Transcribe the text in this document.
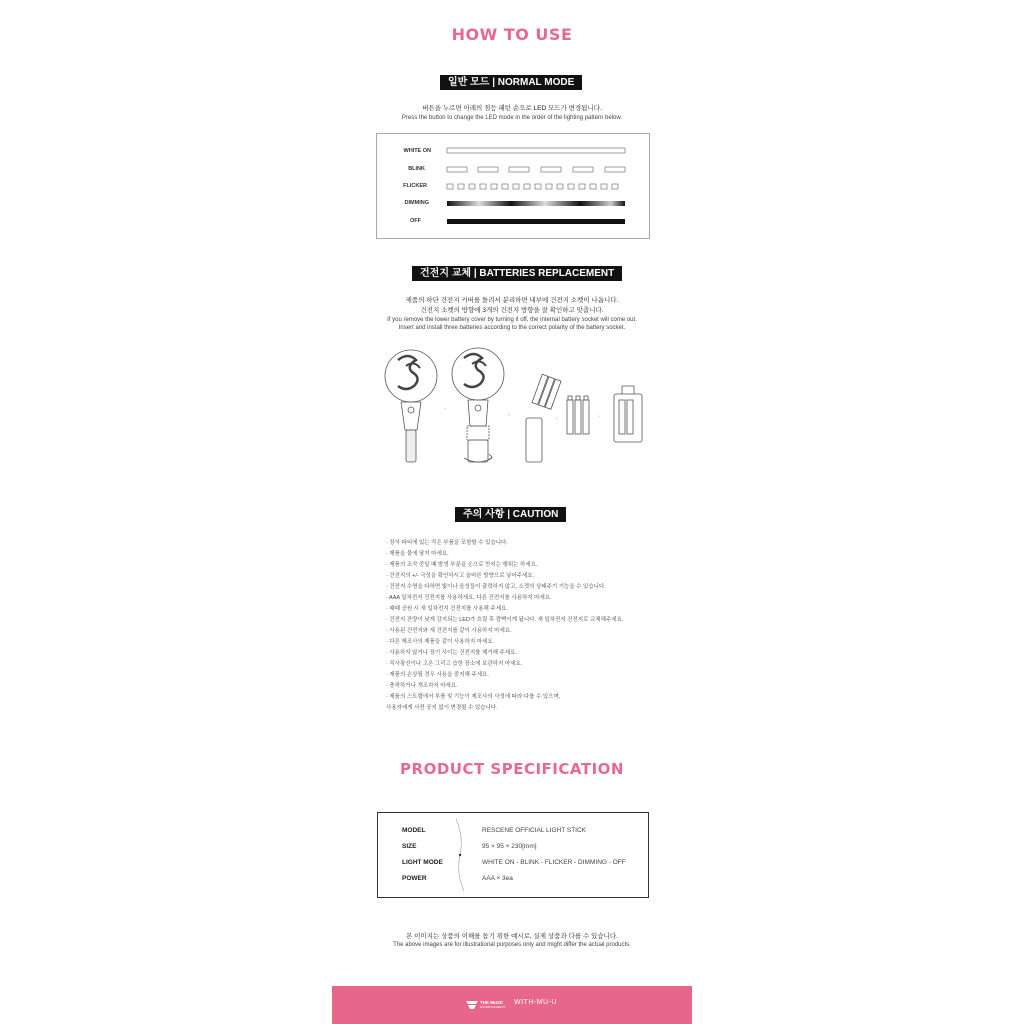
HOW TO USE
일반 모드 | NORMAL MODE
버튼을 누르면 아래의 점등 패턴 순으로 LED 모드가 변경됩니다.
Press the button to change the LED mode in the order of the lighting pattern below.
WHITE ON
BLINK
FLICKER
DIMMING
OFF
건전지 교체 | BATTERIES REPLACEMENT
제품의 하단 건전지 커버를 돌려서 분리하면 내부에 건전지 소켓이 나옵니다.
건전지 소켓의 방향에 3개의 건전지 방향을 잘 확인하고 맞춥니다.
If you remove the lower battery cover by turning it off, the internal battery socket will come out.
Insert and install three batteries according to the correct polarity of the battery socket.
›
›
›	›
주의 사항 | CAUTION
· 장식 파티에 있는 작은 부품을 포함할 수 있습니다.
· 제품을 물에 닿지 마세요.
· 제품의 조작 중일 때 발생 부분을 손으로 만지는 행위는 하세요.
· 건전지의 +/- 극성을 확인하시고 올바른 방향으로 넣어주세요.
· 건전지 수명을 다하면 빛이나 음성들이 출력하지 않고, 소켓의 상태주기 기능을 수 있습니다.
· AAA 일차전지 건전지를 사용하세요. 다른 건전지를 사용하지 마세요.
· 때때 공원 시 새 일차전지 건전지를 사용해 주세요.
· 건전지 잔량이 낮게 감지되는 LED가 흐릿 후 깜빡이게 됩니다. 새 일차전지 건전지로 교체해주세요.
· 사용된 건전지와 새 건전지를 같이 사용하지 마세요.
· 다른 제조사의 제품을 같이 사용하지 마세요.
· 사용하지 않거나 장기 사이는 건전지를 제거해 주세요.
· 직사광선이나 고온 그리고 습한 장소에 보관하지 마세요.
· 제품의 손상될 경우 사용을 중지해 주세요.
· 충격하거나 개조하지 마세요.
· 제품의 스트랩에서 부품 및 기능이 제조사의 사정에 따라 다를 수 있으며,
사용자에게 사전 공지 없이 변경될 수 있습니다.
PRODUCT SPECIFICATION
MODEL
SIZE
LIGHT MODE
POWER
RESCENE OFFICIAL LIGHT STICK
95 × 95 × 230[mm]
WHITE ON - BLINK - FLICKER - DIMMING - OFF
AAA × 3ea
본 이미지는 상품의 이해를 돕기 위한 예시로, 실제 상품과 다를 수 있습니다.
The above images are for illustrational purposes only and might differ the actual products.
THE MUZE
ENTERTAINMENT
WITH-MU-U
